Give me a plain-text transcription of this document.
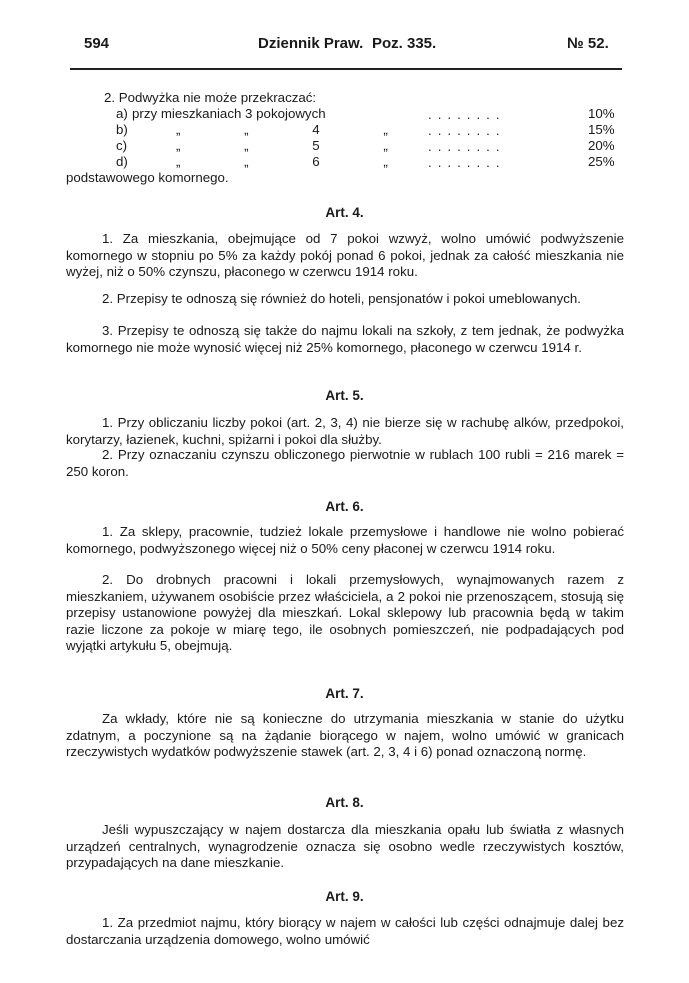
594	Dziennik Praw. Poz. 335.	№ 52.

2. Podwyżka nie może przekraczać:

a) przy mieszkaniach 3 pokojowych	........	10%
b)	„ „ 4 „	........	15%
c)	„ „ 5 „	........	20%
d)	„ „ 6 „	........	25%

podstawowego komornego.

Art. 4.

1. Za mieszkania, obejmujące od 7 pokoi wzwyż, wolno umówić podwyższenie komornego w stopniu po 5% za każdy pokój ponad 6 pokoi, jednak za całość mieszkania nie wyżej, niż o 50% czynszu, płaconego w czerwcu 1914 roku.

2. Przepisy te odnoszą się również do hoteli, pensjonatów i pokoi umeblowanych.

3. Przepisy te odnoszą się także do najmu lokali na szkoły, z tem jednak, że podwyżka komornego nie może wynosić więcej niż 25% komornego, płaconego w czerwcu 1914 r.

Art. 5.

1. Przy obliczaniu liczby pokoi (art. 2, 3, 4) nie bierze się w rachubę alków, przedpokoi, korytarzy, łazienek, kuchni, spiżarni i pokoi dla służby.

2. Przy oznaczaniu czynszu obliczonego pierwotnie w rublach 100 rubli = 216 marek = 250 koron.

Art. 6.

1. Za sklepy, pracownie, tudzież lokale przemysłowe i handlowe nie wolno pobierać komornego, podwyższonego więcej niż o 50% ceny płaconej w czerwcu 1914 roku.

2. Do drobnych pracowni i lokali przemysłowych, wynajmowanych razem z mieszkaniem, używanem osobiście przez właściciela, a 2 pokoi nie przenoszącem, stosują się przepisy ustanowione powyżej dla mieszkań. Lokal sklepowy lub pracownia będą w takim razie liczone za pokoje w miarę tego, ile osobnych pomieszczeń, nie podpadających pod wyjątki artykułu 5, obejmują.

Art. 7.

Za wkłady, które nie są konieczne do utrzymania mieszkania w stanie do użytku zdatnym, a poczynione są na żądanie biorącego w najem, wolno umówić w granicach rzeczywistych wydatków podwyższenie stawek (art. 2, 3, 4 i 6) ponad oznaczoną normę.

Art. 8.

Jeśli wypuszczający w najem dostarcza dla mieszkania opału lub światła z własnych urządzeń centralnych, wynagrodzenie oznacza się osobno wedle rzeczywistych kosztów, przypadających na dane mieszkanie.

Art. 9.

1. Za przedmiot najmu, który biorący w najem w całości lub części odnajmuje dalej bez dostarczania urządzenia domowego, wolno umówić
